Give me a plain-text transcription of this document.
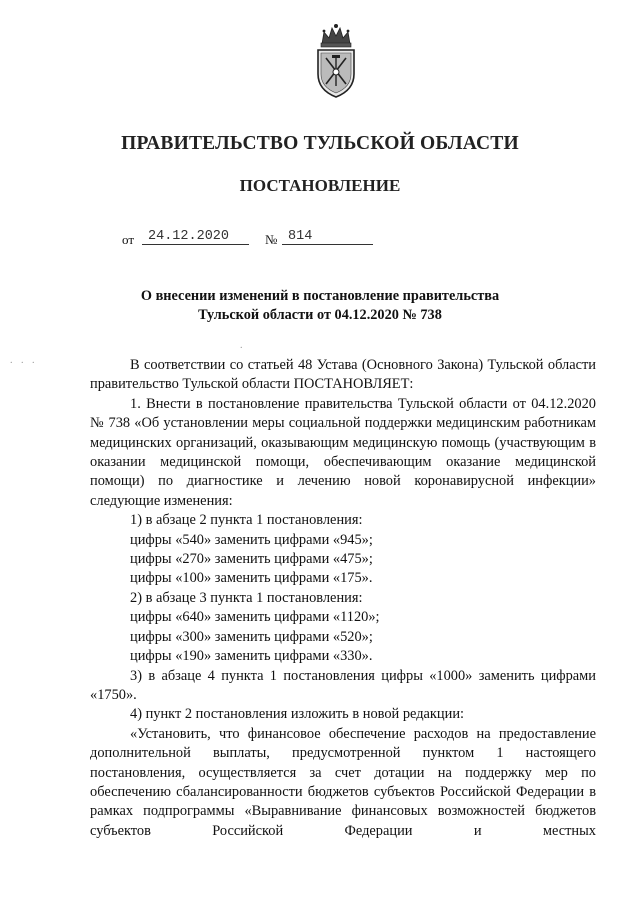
ПРАВИТЕЛЬСТВО ТУЛЬСКОЙ ОБЛАСТИ
ПОСТАНОВЛЕНИЕ
от	24.12.2020	№ 814
О внесении изменений в постановление правительства
Тульской области от 04.12.2020 № 738
. . .
.

В соответствии со статьей 48 Устава (Основного Закона) Тульской области правительство Тульской области ПОСТАНОВЛЯЕТ:

1. Внести в постановление правительства Тульской области от 04.12.2020 № 738 «Об установлении меры социальной поддержки медицинским работникам медицинских организаций, оказывающим медицинскую помощь (участвующим в оказании медицинской помощи, обеспечивающим оказание медицинской помощи) по диагностике и лечению новой коронавирусной инфекции» следующие изменения:

1) в абзаце 2 пункта 1 постановления:

цифры «540» заменить цифрами «945»;

цифры «270» заменить цифрами «475»;

цифры «100» заменить цифрами «175».

2) в абзаце 3 пункта 1 постановления:

цифры «640» заменить цифрами «1120»;

цифры «300» заменить цифрами «520»;

цифры «190» заменить цифрами «330».

3) в абзаце 4 пункта 1 постановления цифры «1000» заменить цифрами «1750».

4) пункт 2 постановления изложить в новой редакции:

«Установить, что финансовое обеспечение расходов на предоставление дополнительной выплаты, предусмотренной пунктом 1 настоящего постановления, осуществляется за счет дотации на поддержку мер по обеспечению сбалансированности бюджетов субъектов Российской Федерации в рамках подпрограммы «Выравнивание финансовых возможностей бюджетов субъектов Российской Федерации и местных
